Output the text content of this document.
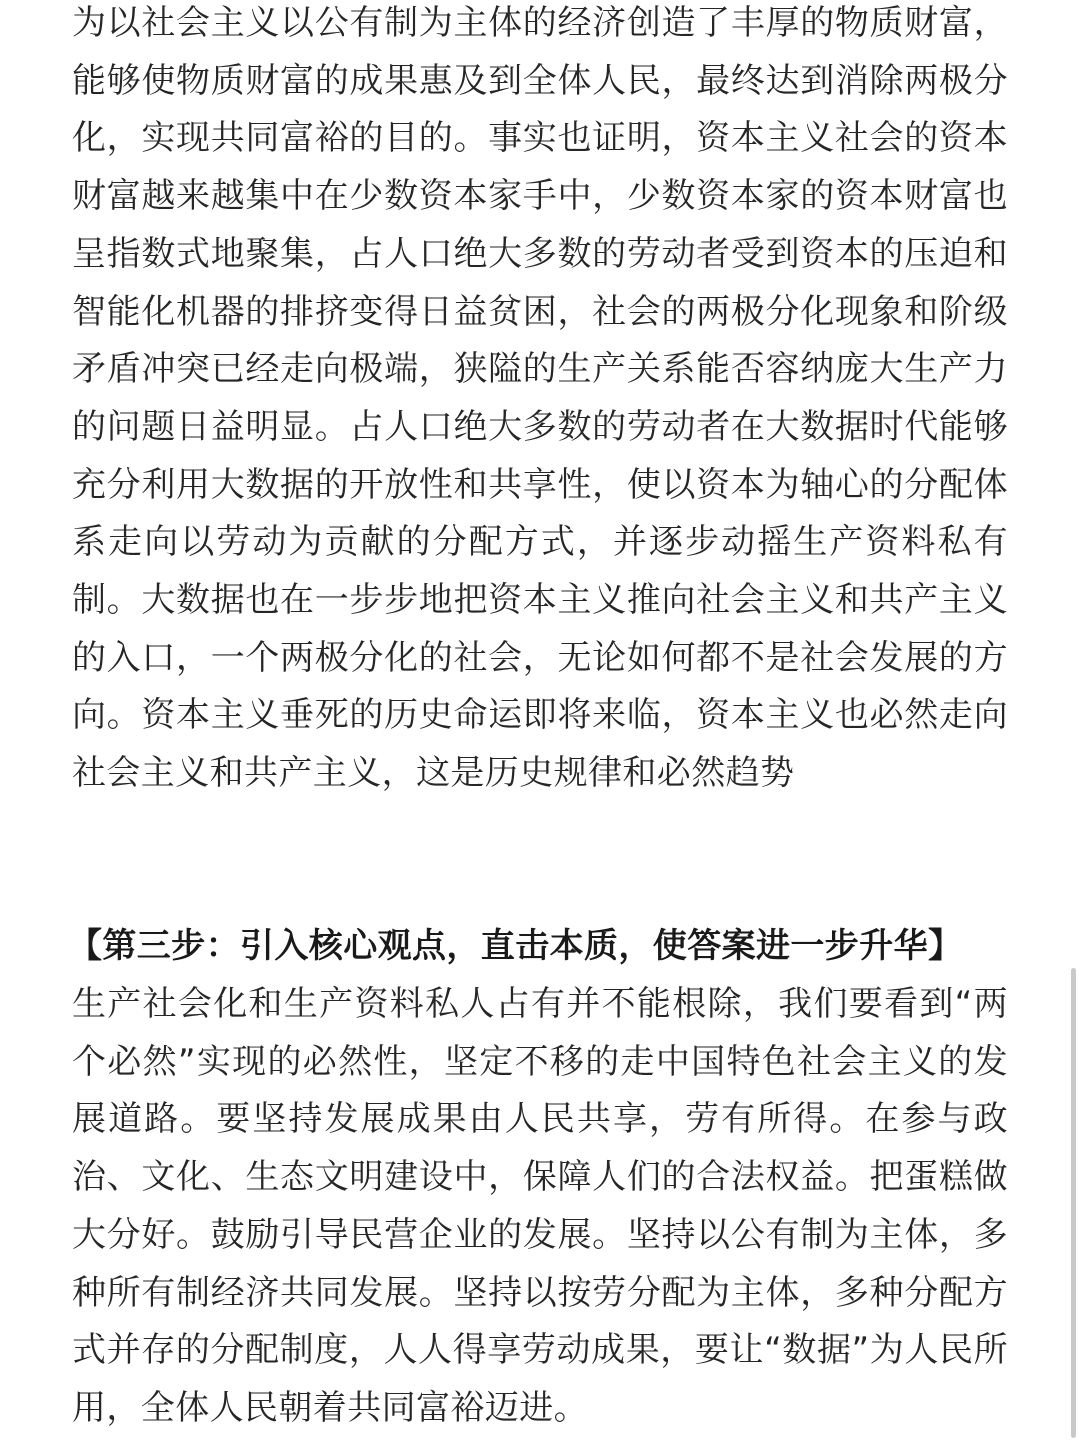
为以社会主义以公有制为主体的经济创造了丰厚的物质财富，能够使物质财富的成果惠及到全体人民，最终达到消除两极分化，实现共同富裕的目的。事实也证明，资本主义社会的资本财富越来越集中在少数资本家手中，少数资本家的资本财富也呈指数式地聚集，占人口绝大多数的劳动者受到资本的压迫和智能化机器的排挤变得日益贫困，社会的两极分化现象和阶级矛盾冲突已经走向极端，狭隘的生产关系能否容纳庞大生产力的问题日益明显。占人口绝大多数的劳动者在大数据时代能够充分利用大数据的开放性和共享性，使以资本为轴心的分配体系走向以劳动为贡献的分配方式，并逐步动摇生产资料私有制。大数据也在一步步地把资本主义推向社会主义和共产主义的入口，一个两极分化的社会，无论如何都不是社会发展的方向。资本主义垂死的历史命运即将来临，资本主义也必然走向社会主义和共产主义，这是历史规律和必然趋势
【第三步：引入核心观点，直击本质，使答案进一步升华】
生产社会化和生产资料私人占有并不能根除，我们要看到“两个必然”实现的必然性，坚定不移的走中国特色社会主义的发展道路。要坚持发展成果由人民共享，劳有所得。在参与政治、文化、生态文明建设中，保障人们的合法权益。把蛋糕做大分好。鼓励引导民营企业的发展。坚持以公有制为主体，多种所有制经济共同发展。坚持以按劳分配为主体，多种分配方式并存的分配制度，人人得享劳动成果，要让“数据”为人民所用，全体人民朝着共同富裕迈进。
